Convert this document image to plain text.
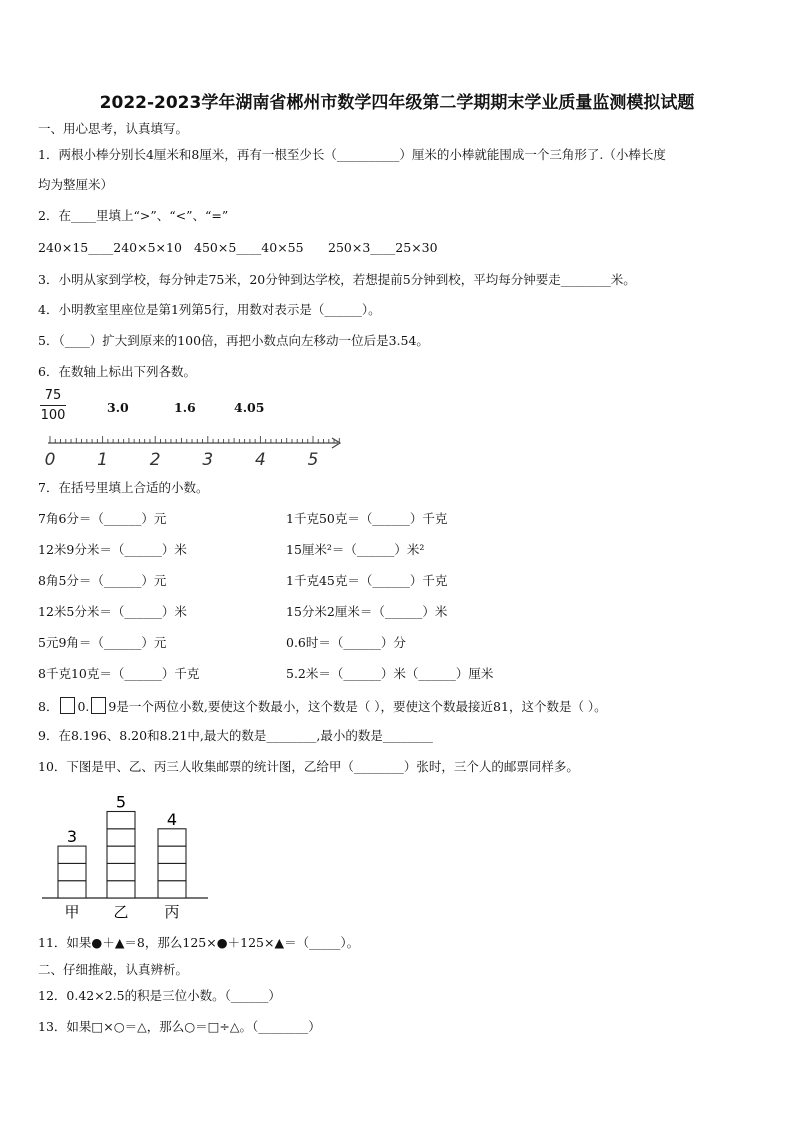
2022-2023学年湖南省郴州市数学四年级第二学期期末学业质量监测模拟试题
一、用心思考，认真填写。
1．两根小棒分别长4厘米和8厘米，再有一根至少长（__________）厘米的小棒就能围成一个三角形了.（小棒长度
均为整厘米）
2．在____里填上“>”、“<”、“=”
240×15____240×5×10 450×5____40×55 250×3____25×30
3．小明从家到学校，每分钟走75米，20分钟到达学校，若想提前5分钟到校，平均每分钟要走________米。
4．小明教室里座位是第1列第5行，用数对表示是（______）。
5．（____）扩大到原来的100倍，再把小数点向左移动一位后是3.54。
6．在数轴上标出下列各数。
75
100
3.0	1.6	4.05
0 1 2 3 4 5
7．在括号里填上合适的小数。
7角6分＝（______）元
12米9分米＝（______）米
8角5分＝（______）元
12米5分米＝（______）米
5元9角＝（______）元
8千克10克＝（______）千克
1千克50克＝（______）千克
15厘米²＝（______）米²
1千克45克＝（______）千克
15分米2厘米＝（______）米
0.6时＝（______）分
5.2米＝（______）米（______）厘米
8． 0. 9是一个两位小数,要使这个数最小，这个数是（ ），要使这个数最接近81，这个数是（ ）。
9．在8.196、8.20和8.21中,最大的数是________,最小的数是________
10．下图是甲、乙、丙三人收集邮票的统计图，乙给甲（________）张时，三个人的邮票同样多。
3
甲
5
乙
4
丙
11．如果●＋▲＝8，那么125×●＋125×▲＝（_____）。
二、仔细推敲，认真辨析。
12．0.42×2.5的积是三位小数。（______）
13．如果□×○＝△，那么○＝□÷△。（________）
